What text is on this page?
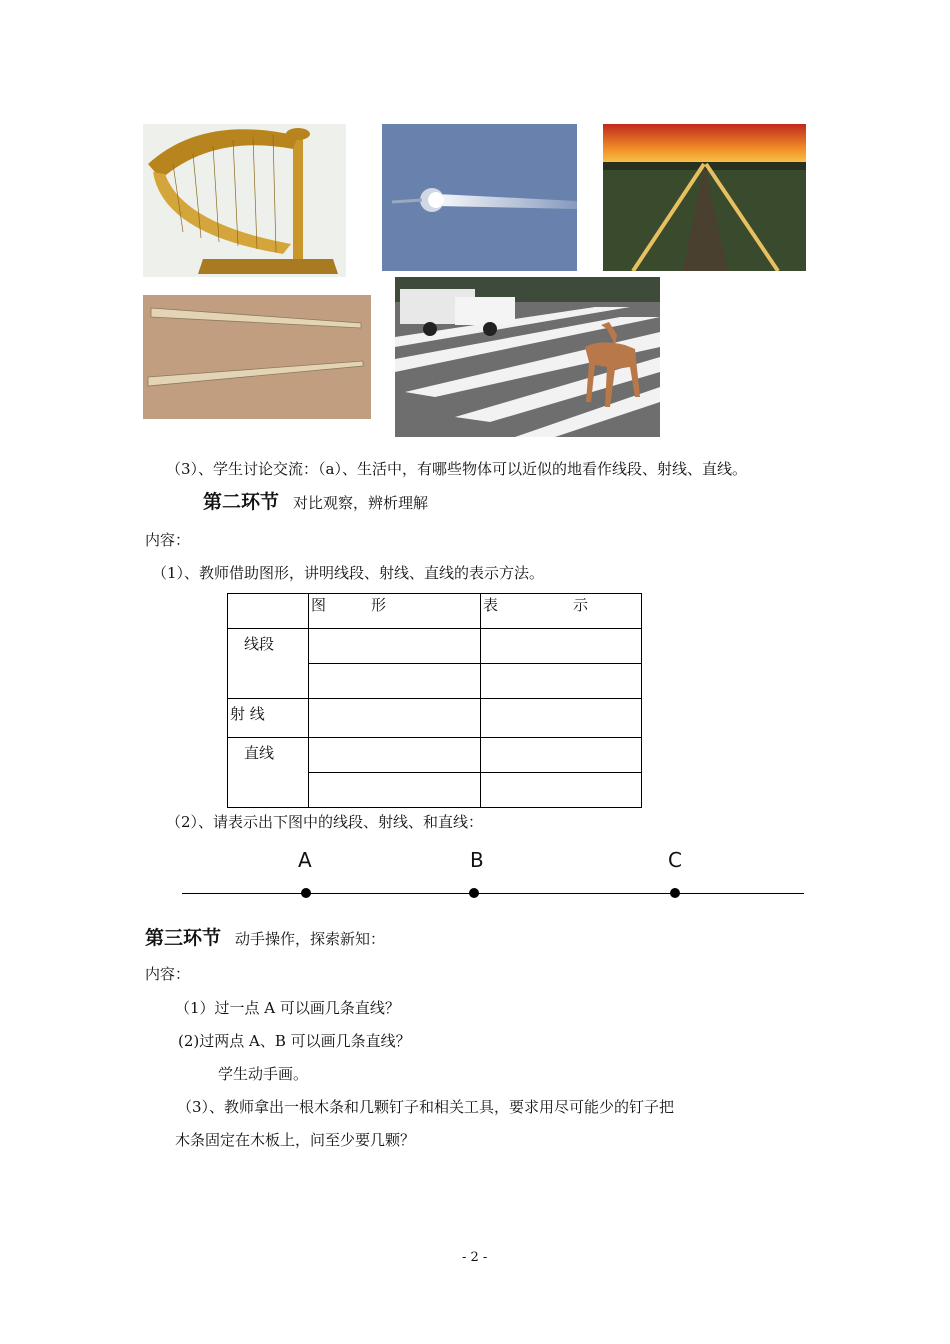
（3）、学生讨论交流：（a）、生活中，有哪些物体可以近似的地看作线段、射线、直线。
第二环节 对比观察，辨析理解
内容：
（1）、教师借助图形，讲明线段、射线、直线的表示方法。
	图　　　形	表　　　　　示
线段		

射 线		
直线		

（2）、请表示出下图中的线段、射线、和直线：
A	B	C
第三环节 动手操作，探索新知：
内容：
（1）过一点 A 可以画几条直线？
(2)过两点 A、B 可以画几条直线？
学生动手画。
（3）、教师拿出一根木条和几颗钉子和相关工具，要求用尽可能少的钉子把
木条固定在木板上，问至少要几颗？
- 2 -
